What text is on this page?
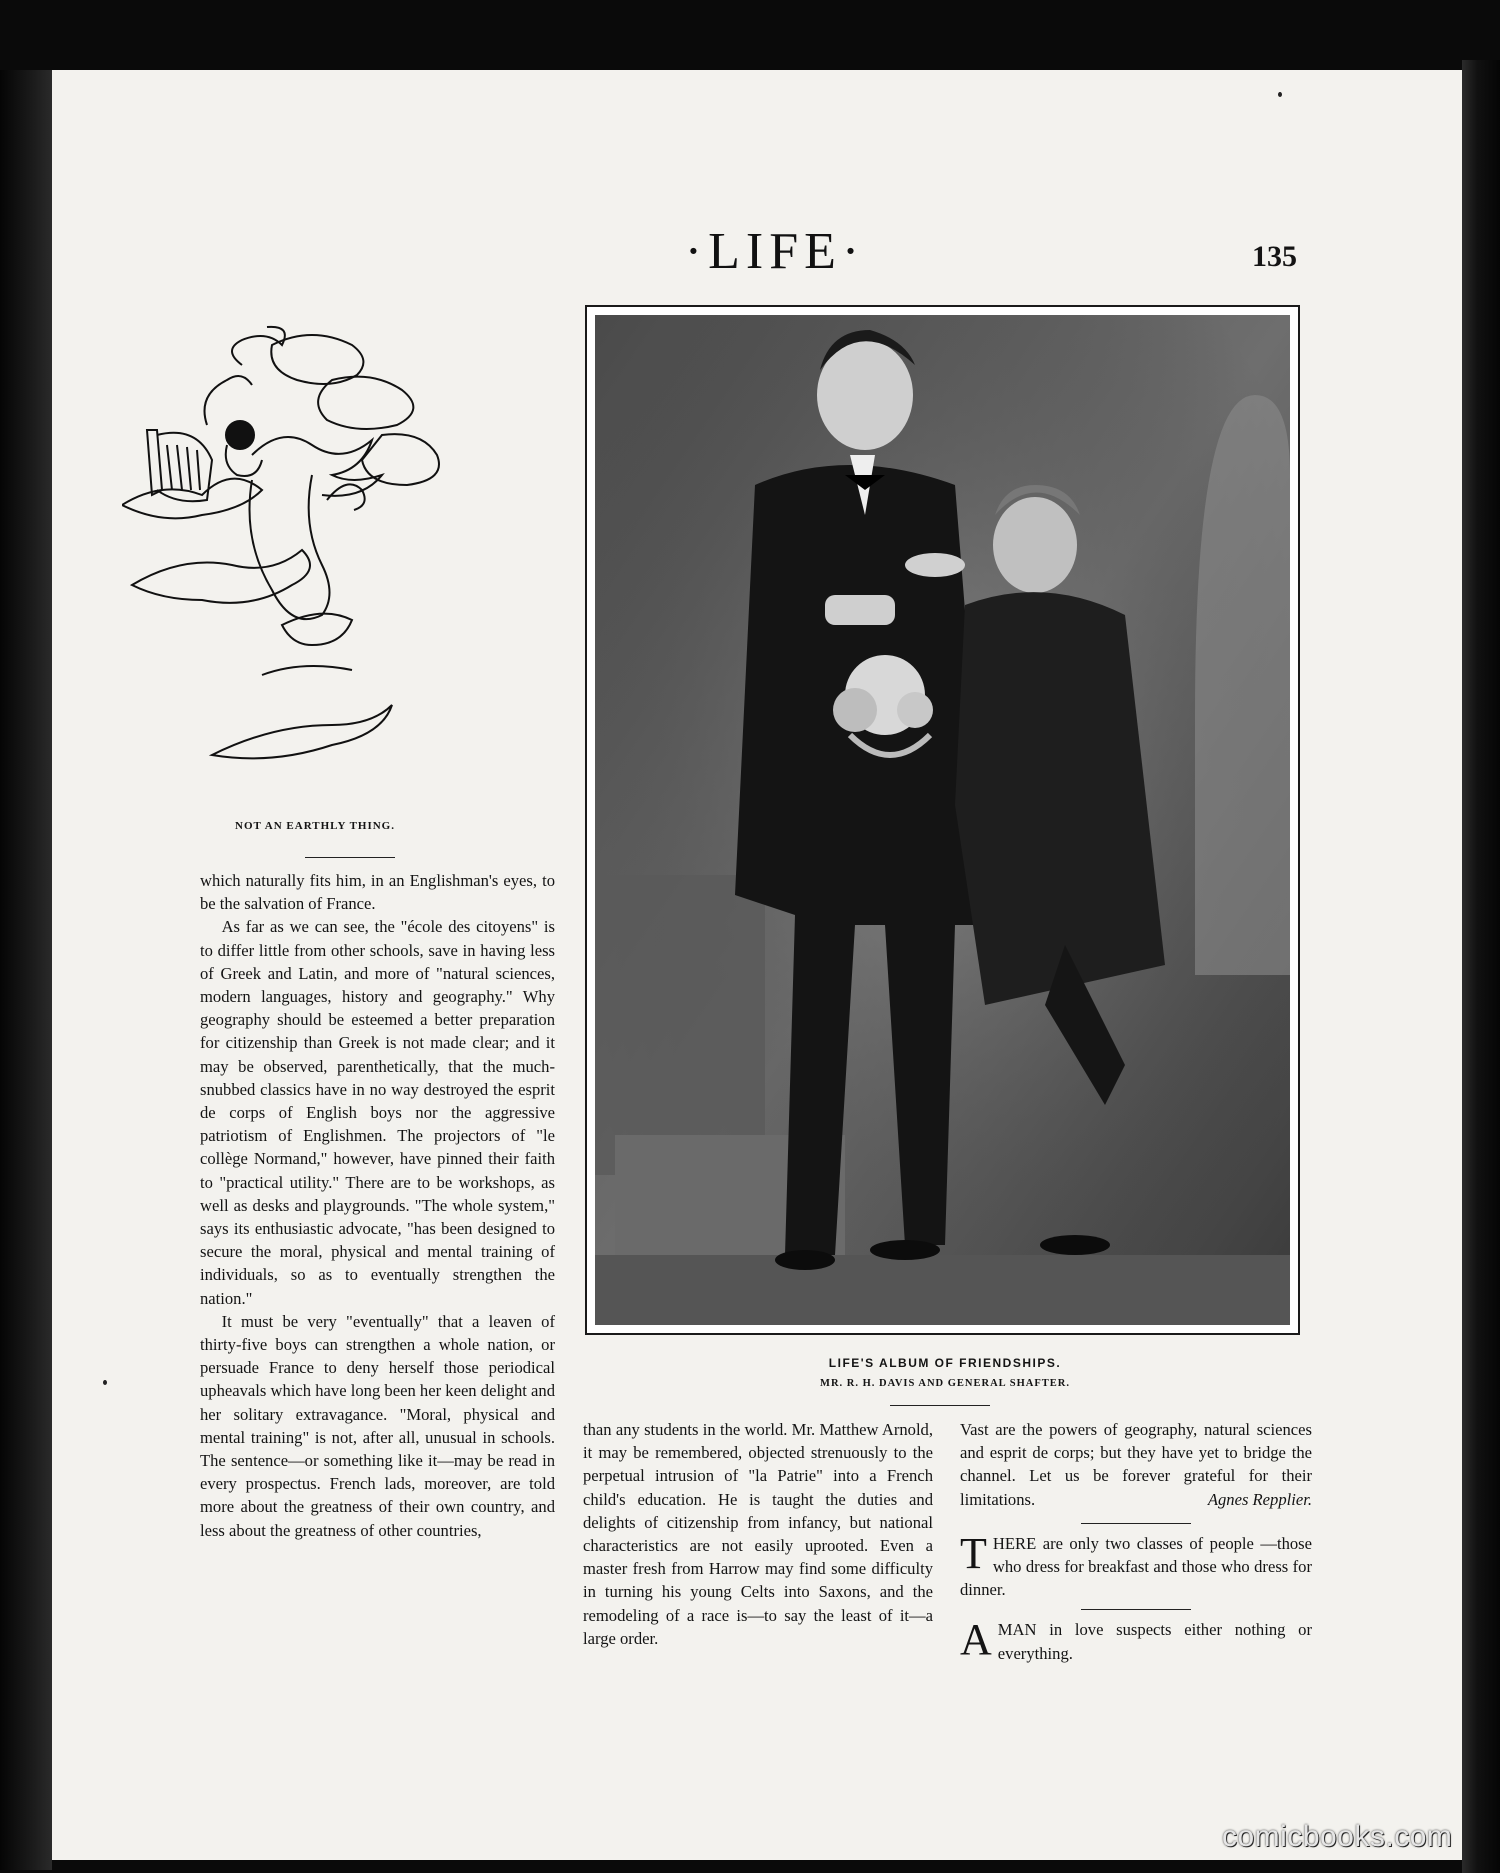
·LIFE·	135
NOT AN EARTHLY THING.

which naturally fits him, in an Englishman's eyes, to be the salvation of France.

As far as we can see, the "école des citoyens" is to differ little from other schools, save in having less of Greek and Latin, and more of "natural sciences, modern languages, history and geography." Why geography should be esteemed a better preparation for citizenship than Greek is not made clear; and it may be observed, parenthetically, that the much-snubbed classics have in no way destroyed the esprit de corps of English boys nor the aggressive patriotism of Englishmen. The projectors of "le collège Normand," however, have pinned their faith to "practical utility." There are to be workshops, as well as desks and playgrounds. "The whole system," says its enthusiastic advocate, "has been designed to secure the moral, physical and mental training of individuals, so as to eventually strengthen the nation."

It must be very "eventually" that a leaven of thirty-five boys can strengthen a whole nation, or persuade France to deny herself those periodical upheavals which have long been her keen delight and her solitary extravagance. "Moral, physical and mental training" is not, after all, unusual in schools. The sentence—or something like it—may be read in every prospectus. French lads, moreover, are told more about the greatness of their own country, and less about the greatness of other countries,

LIFE'S ALBUM OF FRIENDSHIPS.
MR. R. H. DAVIS AND GENERAL SHAFTER.

than any students in the world. Mr. Matthew Arnold, it may be remembered, objected strenuously to the perpetual intrusion of "la Patrie" into a French child's education. He is taught the duties and delights of citizenship from infancy, but national characteristics are not easily uprooted. Even a master fresh from Harrow may find some difficulty in turning his young Celts into Saxons, and the remodeling of a race is—to say the least of it—a large order.

Vast are the powers of geography, natural sciences and esprit de corps; but they have yet to bridge the channel. Let us be forever grateful for their limitations.	Agnes Repplier.

THERE are only two classes of people —those who dress for breakfast and those who dress for dinner.

AMAN in love suspects either nothing or everything.

comicbooks.com
